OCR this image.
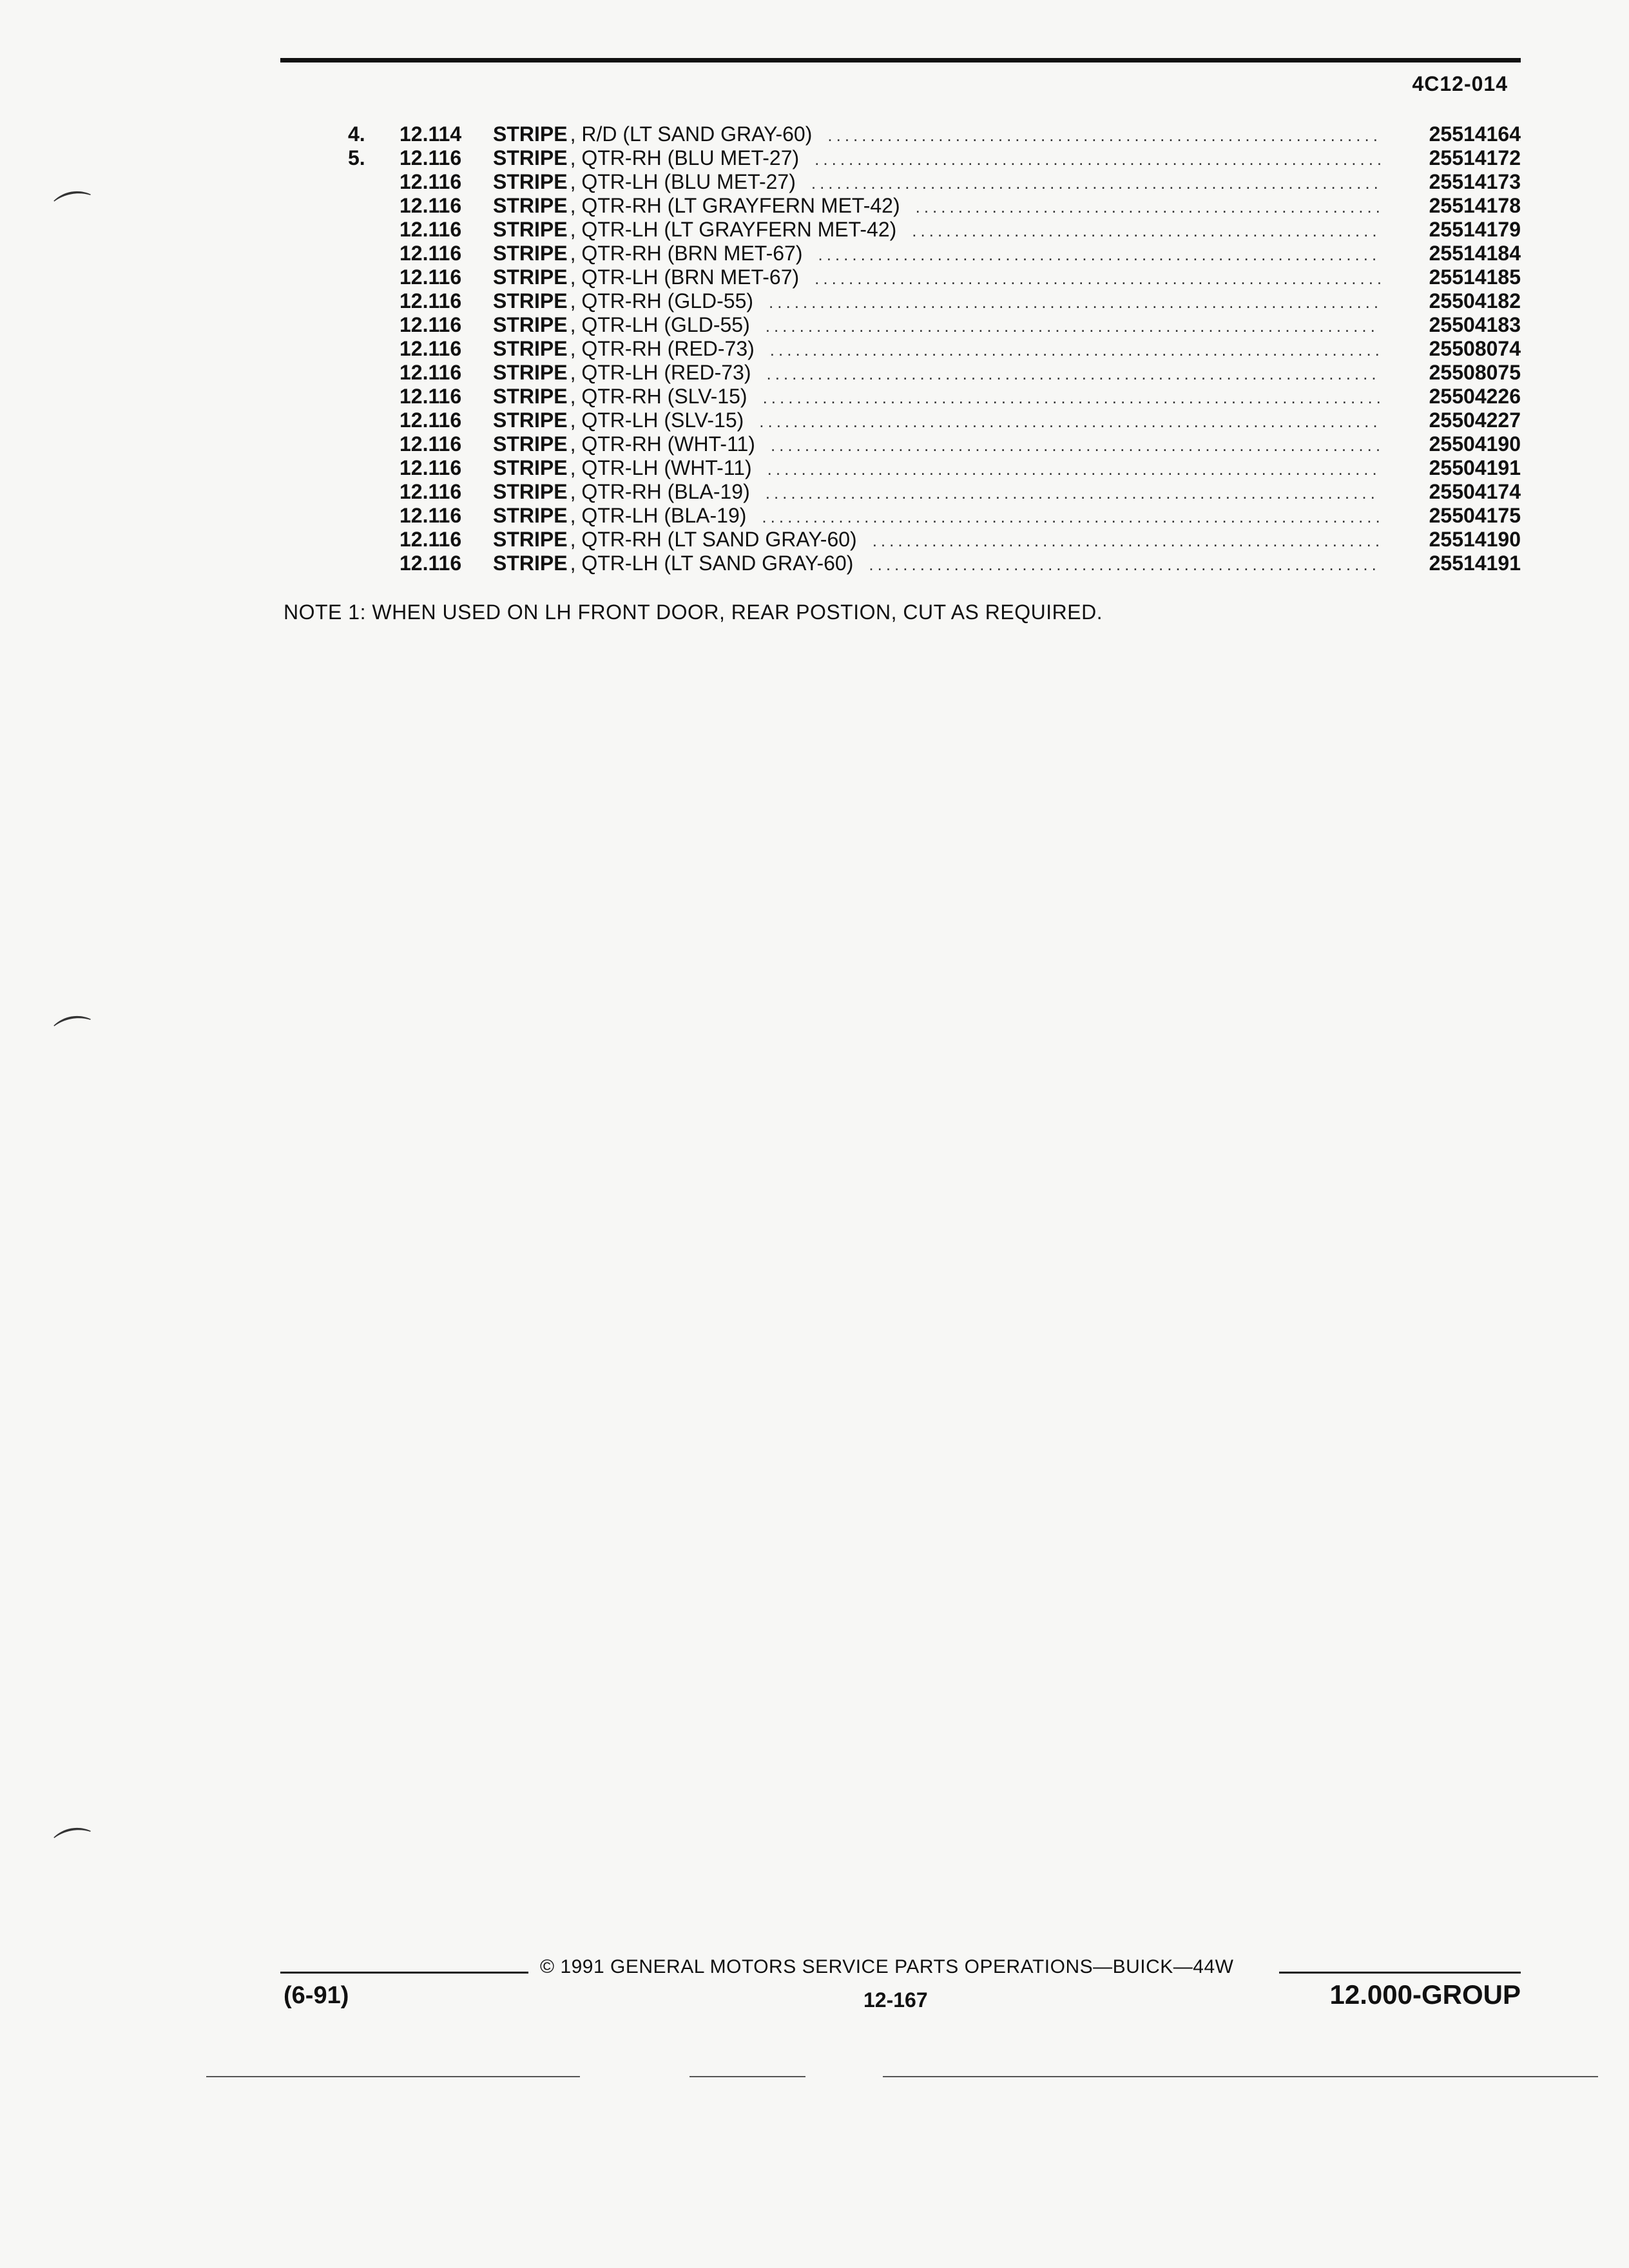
4C12-014
4.	12.114	STRIPE , R/D (LT SAND GRAY-60) .....	25514164
5.	12.116	STRIPE , QTR-RH (BLU MET-27) .....	25514172
12.116	STRIPE , QTR-LH (BLU MET-27) .....	25514173
12.116	STRIPE , QTR-RH (LT GRAYFERN MET-42) .....	25514178
12.116	STRIPE , QTR-LH (LT GRAYFERN MET-42) .....	25514179
12.116	STRIPE , QTR-RH (BRN MET-67) .....	25514184
12.116	STRIPE , QTR-LH (BRN MET-67) .....	25514185
12.116	STRIPE , QTR-RH (GLD-55) .....	25504182
12.116	STRIPE , QTR-LH (GLD-55) .....	25504183
12.116	STRIPE , QTR-RH (RED-73) .....	25508074
12.116	STRIPE , QTR-LH (RED-73) .....	25508075
12.116	STRIPE , QTR-RH (SLV-15) .....	25504226
12.116	STRIPE , QTR-LH (SLV-15) .....	25504227
12.116	STRIPE , QTR-RH (WHT-11) .....	25504190
12.116	STRIPE , QTR-LH (WHT-11) .....	25504191
12.116	STRIPE , QTR-RH (BLA-19) .....	25504174
12.116	STRIPE , QTR-LH (BLA-19) .....	25504175
12.116	STRIPE , QTR-RH (LT SAND GRAY-60) .....	25514190
12.116	STRIPE , QTR-LH (LT SAND GRAY-60) .....	25514191
NOTE 1: WHEN USED ON LH FRONT DOOR, REAR POSTION, CUT AS REQUIRED.
© 1991 GENERAL MOTORS SERVICE PARTS OPERATIONS—BUICK—44W
(6-91)	12-167	12.000-GROUP
⌒
⌒
⌒
